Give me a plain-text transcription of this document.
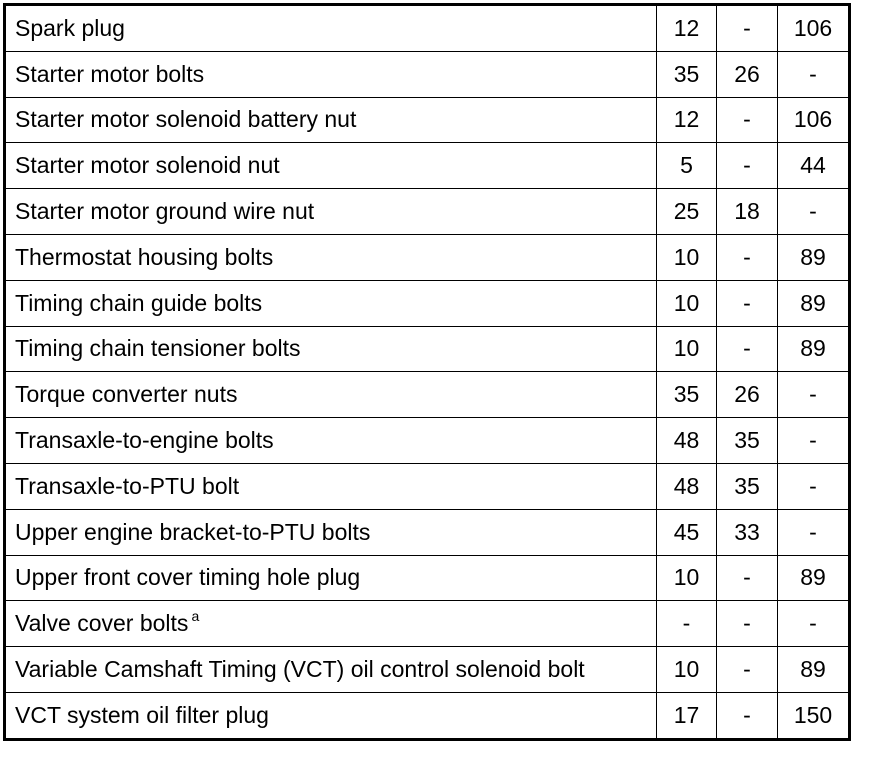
Spark plug	12	-	106
Starter motor bolts	35	26	-
Starter motor solenoid battery nut	12	-	106
Starter motor solenoid nut	5	-	44
Starter motor ground wire nut	25	18	-
Thermostat housing bolts	10	-	89
Timing chain guide bolts	10	-	89
Timing chain tensioner bolts	10	-	89
Torque converter nuts	35	26	-
Transaxle-to-engine bolts	48	35	-
Transaxle-to-PTU bolt	48	35	-
Upper engine bracket-to-PTU bolts	45	33	-
Upper front cover timing hole plug	10	-	89
Valve cover bolts $^a$	-	-	-
Variable Camshaft Timing (VCT) oil control solenoid bolt	10	-	89
VCT system oil filter plug	17	-	150
